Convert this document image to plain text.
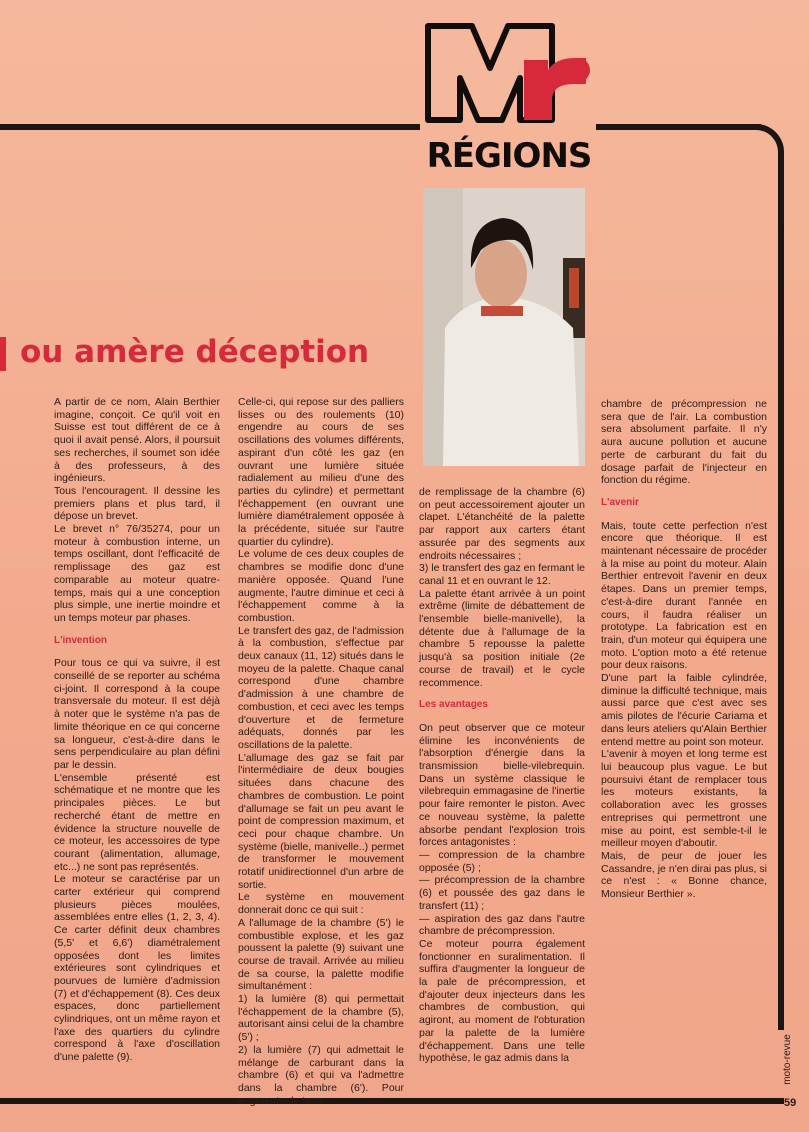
RÉGIONS
ou amère déception

A partir de ce nom, Alain Berthier imagine, conçoit. Ce qu'il voit en Suisse est tout différent de ce à quoi il avait pensé. Alors, il poursuit ses recherches, il soumet son idée à des professeurs, à des ingénieurs.

Tous l'encouragent. Il dessine les premiers plans et plus tard, il dépose un brevet.

Le brevet n° 76/35274, pour un moteur à combustion interne, un temps oscillant, dont l'efficacité de remplissage des gaz est comparable au moteur quatre-temps, mais qui a une conception plus simple, une inertie moindre et un temps moteur par phases.

L'invention

Pour tous ce qui va suivre, il est conseillé de se reporter au schéma ci-joint. Il correspond à la coupe transversale du moteur. Il est déjà à noter que le système n'a pas de limite théorique en ce qui concerne sa longueur, c'est-à-dire dans le sens perpendiculaire au plan défini par le dessin.

L'ensemble présenté est schématique et ne montre que les principales pièces. Le but recherché étant de mettre en évidence la structure nouvelle de ce moteur, les accessoires de type courant (alimentation, allumage, etc...) ne sont pas représentés.

Le moteur se caractérise par un carter extérieur qui comprend plusieurs pièces moulées, assemblées entre elles (1, 2, 3, 4). Ce carter définit deux chambres (5,5' et 6,6') diamétralement opposées dont les limites extérieures sont cylindriques et pourvues de lumière d'admission (7) et d'échappement (8). Ces deux espaces, donc partiellement cylindriques, ont un même rayon et l'axe des quartiers du cylindre correspond à l'axe d'oscillation d'une palette (9).

Celle-ci, qui repose sur des palliers lisses ou des roulements (10) engendre au cours de ses oscillations des volumes différents, aspirant d'un côté les gaz (en ouvrant une lumière située radialement au milieu d'une des parties du cylindre) et permettant l'échappement (en ouvrant une lumière diamétralement opposée à la précédente, située sur l'autre quartier du cylindre).

Le volume de ces deux couples de chambres se modifie donc d'une manière opposée. Quand l'une augmente, l'autre diminue et ceci à l'échappement comme à la combustion.

Le transfert des gaz, de l'admission à la combustion, s'effectue par deux canaux (11, 12) situés dans le moyeu de la palette. Chaque canal correspond d'une chambre d'admission à une chambre de combustion, et ceci avec les temps d'ouverture et de fermeture adéquats, donnés par les oscillations de la palette.

L'allumage des gaz se fait par l'intermédiaire de deux bougies situées dans chacune des chambres de combustion. Le point d'allumage se fait un peu avant le point de compression maximum, et ceci pour chaque chambre. Un système (bielle, manivelle..) permet de transformer le mouvement rotatif unidirectionnel d'un arbre de sortie.

Le système en mouvement donnerait donc ce qui suit :

A l'allumage de la chambre (5') le combustible explose, et les gaz poussent la palette (9) suivant une course de travail. Arrivée au milieu de sa course, la palette modifie simultanément :

1) la lumière (8) qui permettait l'échappement de la chambre (5), autorisant ainsi celui de la chambre (5') ;

2) la lumière (7) qui admettait le mélange de carburant dans la chambre (6) et qui va l'admettre dans la chambre (6'). Pour augmenter le taux

de remplissage de la chambre (6) on peut accessoirement ajouter un clapet. L'étanchéité de la palette par rapport aux carters étant assurée par des segments aux endroits nécessaires ;

3) le transfert des gaz en fermant le canal 11 et en ouvrant le 12.

La palette étant arrivée à un point extrême (limite de débattement de l'ensemble bielle-manivelle), la détente due à l'allumage de la chambre 5 repousse la palette jusqu'à sa position initiale (2e course de travail) et le cycle recommence.

Les avantages

On peut observer que ce moteur élimine les inconvénients de l'absorption d'énergie dans la transmission bielle-vilebrequin. Dans un système classique le vilebrequin emmagasine de l'inertie pour faire remonter le piston. Avec ce nouveau système, la palette absorbe pendant l'explosion trois forces antagonistes :

— compression de la chambre opposée (5) ;

— précompression de la chambre (6) et poussée des gaz dans le transfert (11) ;

— aspiration des gaz dans l'autre chambre de précompression.

Ce moteur pourra également fonctionner en suralimentation. Il suffira d'augmenter la longueur de la pale de précompression, et d'ajouter deux injecteurs dans les chambres de combustion, qui agiront, au moment de l'obturation par la palette de la lumière d'échappement. Dans une telle hypothèse, le gaz admis dans la

chambre de précompression ne sera que de l'air. La combustion sera absolument parfaite. Il n'y aura aucune pollution et aucune perte de carburant du fait du dosage parfait de l'injecteur en fonction du régime.

L'avenir

Mais, toute cette perfection n'est encore que théorique. Il est maintenant nécessaire de procéder à la mise au point du moteur. Alain Berthier entrevoit l'avenir en deux étapes. Dans un premier temps, c'est-à-dire durant l'année en cours, il faudra réaliser un prototype. La fabrication est en train, d'un moteur qui équipera une moto. L'option moto a été retenue pour deux raisons.

D'une part la faible cylindrée, diminue la difficulté technique, mais aussi parce que c'est avec ses amis pilotes de l'écurie Cariama et dans leurs ateliers qu'Alain Berthier entend mettre au point son moteur.

L'avenir à moyen et long terme est lui beaucoup plus vague. Le but poursuivi étant de remplacer tous les moteurs existants, la collaboration avec les grosses entreprises qui permettront une mise au point, est semble-t-il le meilleur moyen d'aboutir.

Mais, de peur de jouer les Cassandre, je n'en dirai pas plus, si ce n'est : « Bonne chance, Monsieur Berthier ».

moto-revue
59
